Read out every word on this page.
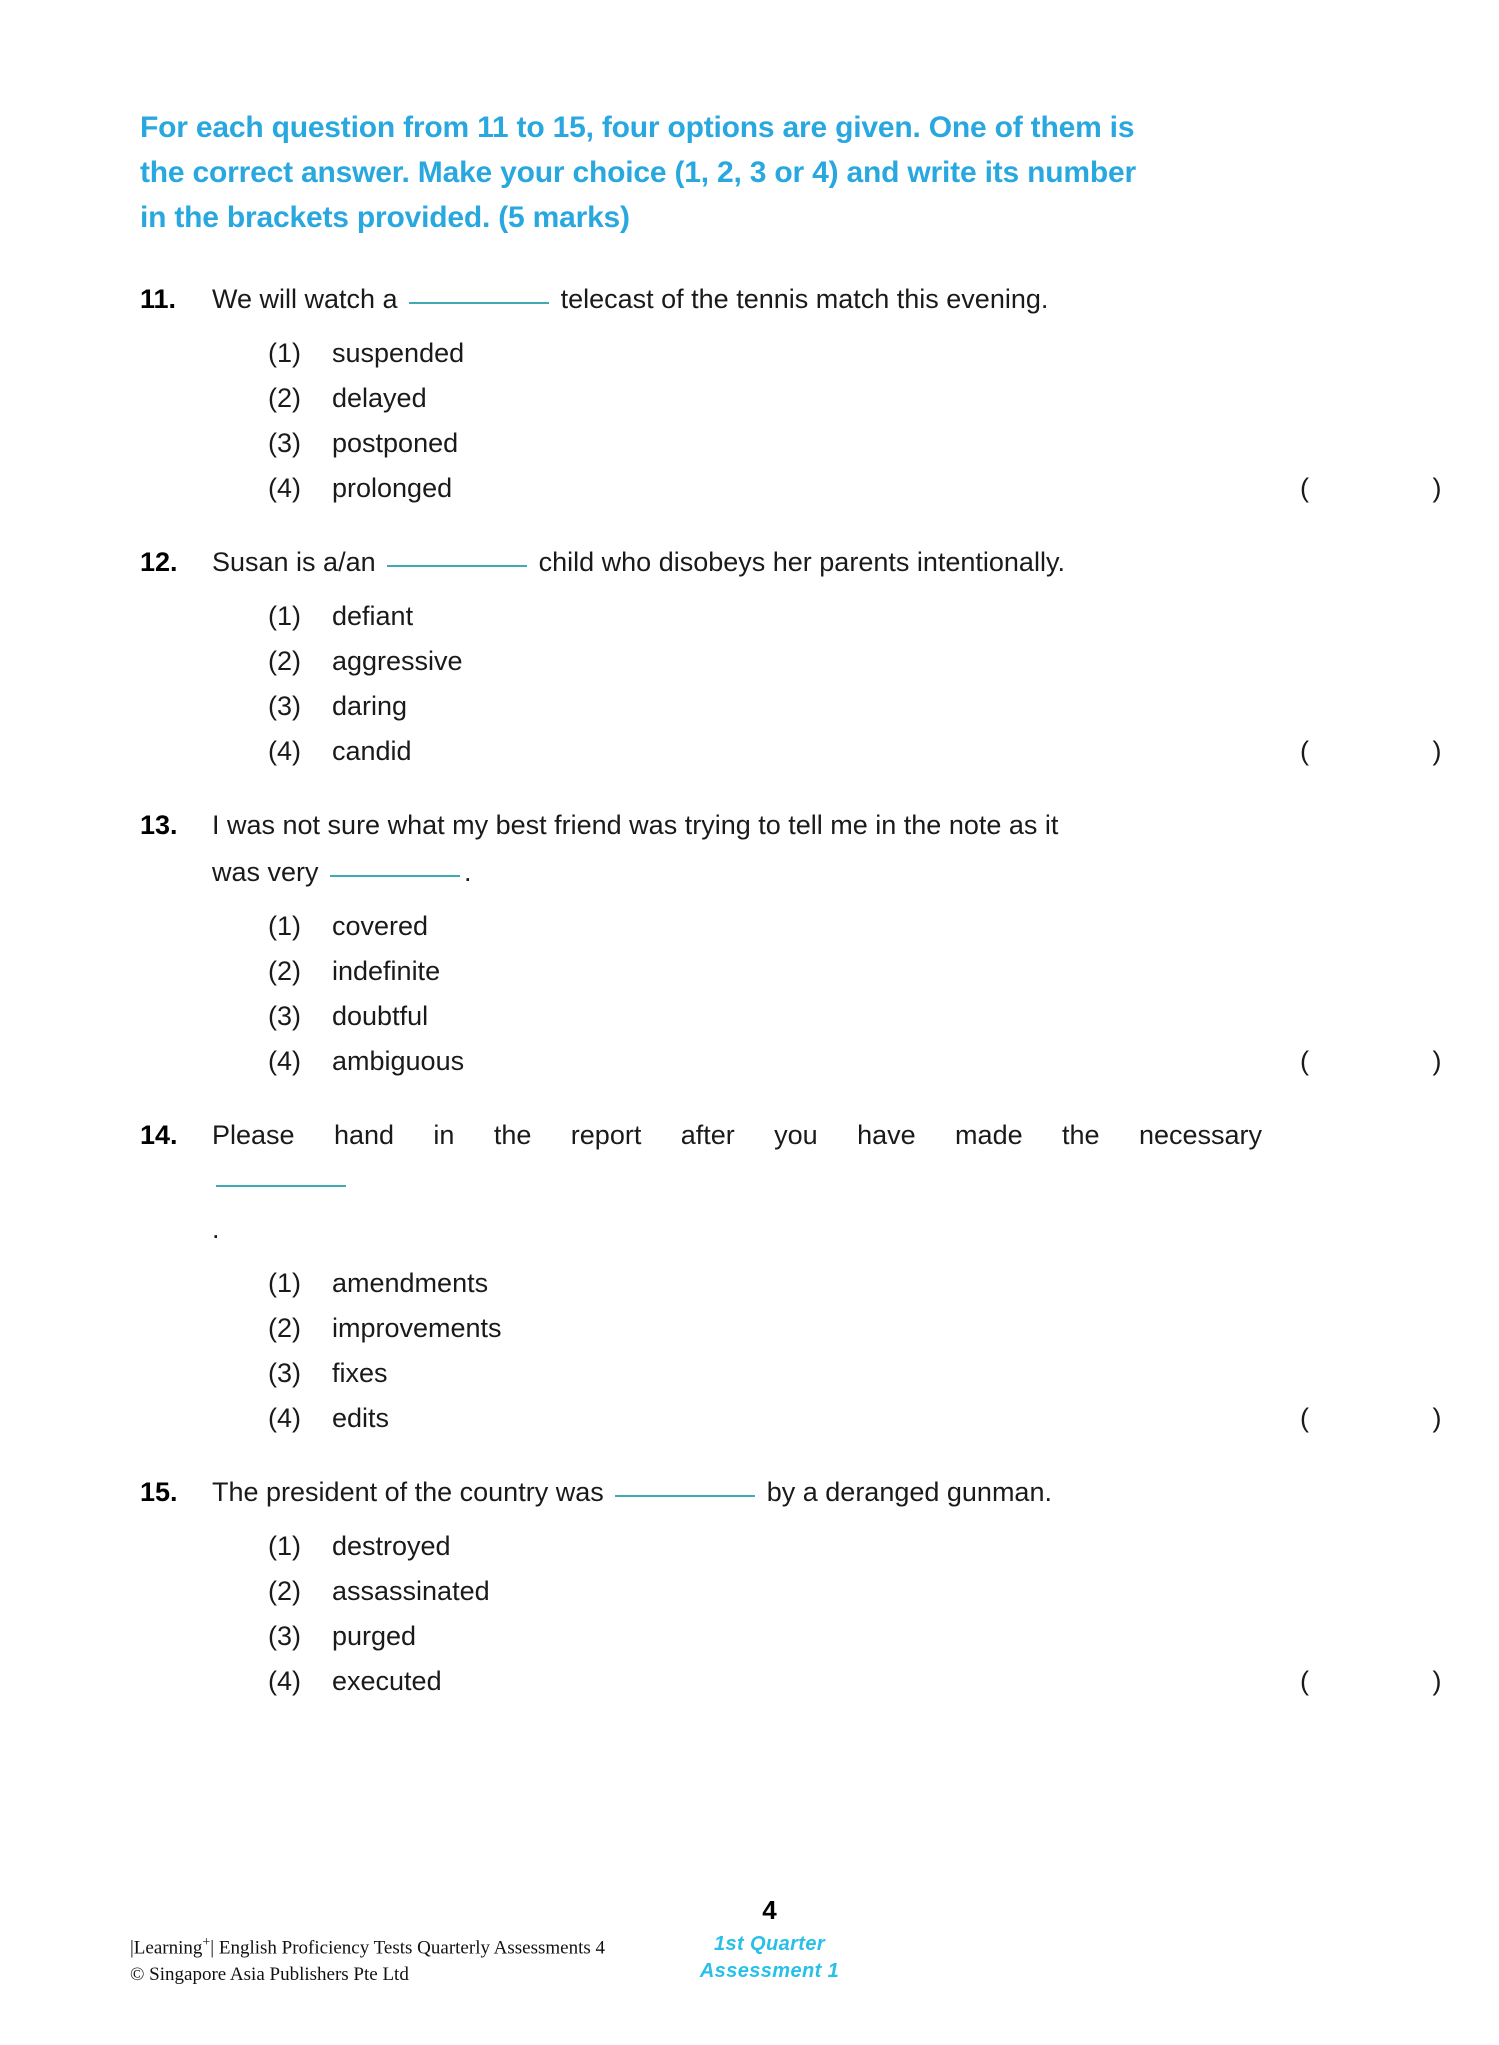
For each question from 11 to 15, four options are given. One of them is
the correct answer. Make your choice (1, 2, 3 or 4) and write its number
in the brackets provided. (5 marks)
11. We will watch a	telecast of the tennis match this evening.
(1) suspended
(2) delayed
(3) postponed
(4) prolonged	( )
12. Susan is a/an	child who disobeys her parents intentionally.
(1) defiant
(2) aggressive
(3) daring
(4) candid	( )
13. I was not sure what my best friend was trying to tell me in the note as it
was very	.
(1) covered
(2) indefinite
(3) doubtful
(4) ambiguous	( )
14. Please hand in the report after you have made the necessary
.
(1) amendments
(2) improvements
(3) fixes
(4) edits	( )
15. The president of the country was	by a deranged gunman.
(1) destroyed
(2) assassinated
(3) purged
(4) executed	( )
|Learning+| English Proficiency Tests Quarterly Assessments 4
© Singapore Asia Publishers Pte Ltd
4
1st Quarter
Assessment 1
